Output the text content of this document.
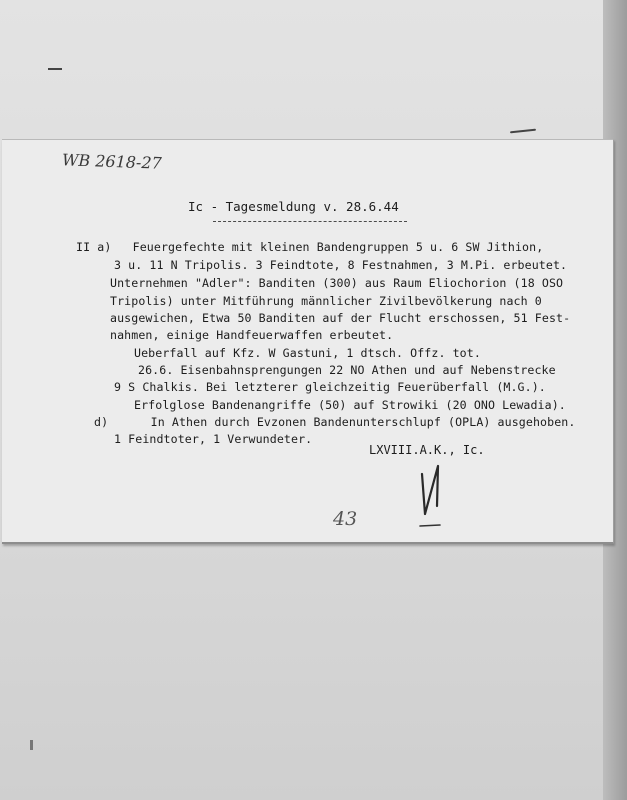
WB 2618-27
Ic - Tagesmeldung v. 28.6.44
II a)   Feuergefechte mit kleinen Bandengruppen 5 u. 6 SW Jithion,
3 u. 11 N Tripolis. 3 Feindtote, 8 Festnahmen, 3 M.Pi. erbeutet.
Unternehmen "Adler": Banditen (300) aus Raum Eliochorion (18 OSO
Tripolis) unter Mitführung männlicher Zivilbevölkerung nach 0
ausgewichen, Etwa 50 Banditen auf der Flucht erschossen, 51 Fest-
nahmen, einige Handfeuerwaffen erbeutet.
Ueberfall auf Kfz. W Gastuni, 1 dtsch. Offz. tot.
26.6. Eisenbahnsprengungen 22 NO Athen und auf Nebenstrecke
9 S Chalkis. Bei letzterer gleichzeitig Feuerüberfall (M.G.).
Erfolglose Bandenangriffe (50) auf Strowiki (20 ONO Lewadia).
d)      In Athen durch Evzonen Bandenunterschlupf (OPLA) ausgehoben.
1 Feindtoter, 1 Verwundeter.
LXVIII.A.K., Ic.
43
